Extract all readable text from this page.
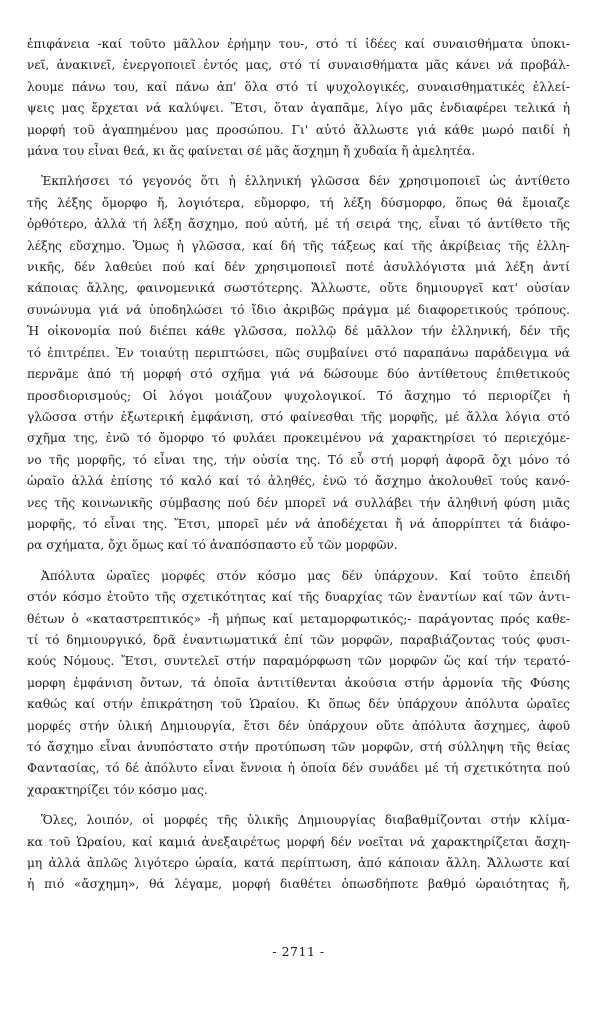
ἐπιφάνεια -καί τοῦτο μᾶλλον ἐρήμην του-, στό τί ἰδέες καί συναισθήματα ὑποκι-
νεῖ, ἀνακινεῖ, ἐνεργοποιεῖ ἐντός μας, στό τί συναισθήματα μᾶς κάνει νά προβάλ-
λουμε πάνω του, καί πάνω ἀπ' ὅλα στό τί ψυχολογικές, συναισθηματικές ἐλλεί-
ψεις μας ἔρχεται νά καλύψει. Ἔτσι, ὅταν ἀγαπᾶμε, λίγο μᾶς ἐνδιαφέρει τελικά ἡ
μορφή τοῦ ἀγαπημένου μας προσώπου. Γι' αὐτό ἄλλωστε γιά κάθε μωρό παιδί ἡ
μάνα του εἶναι θεά, κι ἄς φαίνεται σέ μᾶς ἄσχημη ἤ χυδαία ἤ ἀμελητέα.
Ἐκπλήσσει τό γεγονός ὅτι ἡ ἑλληνική γλῶσσα δέν χρησιμοποιεῖ ὡς ἀντίθετο
τῆς λέξης ὄμορφο ἤ, λογιότερα, εὔμορφο, τή λέξη δύσμορφο, ὅπως θά ἔμοιαζε
ὀρθότερο, ἀλλά τή λέξη ἄσχημο, πού αὐτή, μέ τή σειρά της, εἶναι τό ἀντίθετο τῆς
λέξης εὔσχημο. Ὅμως ἡ γλῶσσα, καί δή τῆς τάξεως καί τῆς ἀκρίβειας τῆς ἑλλη-
νικῆς, δέν λαθεύει πού καί δέν χρησιμοποιεῖ ποτέ ἀσυλλόγιστα μιά λέξη ἀντί
κάποιας ἄλλης, φαινομενικά σωστότερης. Ἄλλωστε, οὔτε δημιουργεῖ κατ' οὐσίαν
συνώνυμα γιά νά ὑποδηλώσει τό ἴδιο ἀκριβῶς πράγμα μέ διαφορετικούς τρόπους.
Ἡ οἰκονομία πού διέπει κάθε γλῶσσα, πολλῷ δέ μᾶλλον τήν ἑλληνική, δέν τῆς
τό ἐπιτρέπει. Ἐν τοιαύτῃ περιπτώσει, πῶς συμβαίνει στό παραπάνω παράδειγμα νά
περνᾶμε ἀπό τή μορφή στό σχῆμα γιά νά δώσουμε δύο ἀντίθετους ἐπιθετικούς
προσδιορισμούς; Οἱ λόγοι μοιάζουν ψυχολογικοί. Τό ἄσχημο τό περιορίζει ἡ
γλῶσσα στήν ἐξωτερική ἐμφάνιση, στό φαίνεσθαι τῆς μορφῆς, μέ ἄλλα λόγια στό
σχῆμα της, ἐνῶ τό ὄμορφο τό φυλάει προκειμένου νά χαρακτηρίσει τό περιεχόμε-
νο τῆς μορφῆς, τό εἶναι της, τήν οὐσία της. Τό εὖ στή μορφή ἀφορᾶ ὄχι μόνο τό
ὡραῖο ἀλλά ἐπίσης τό καλό καί τό ἀληθές, ἐνῶ τό ἄσχημο ἀκολουθεῖ τούς κανό-
νες τῆς κοινωνικῆς σύμβασης πού δέν μπορεῖ νά συλλάβει τήν ἀληθινή φύση μιᾶς
μορφῆς, τό εἶναι της. Ἔτσι, μπορεῖ μέν νά ἀποδέχεται ἤ νά ἀπορρίπτει τά διάφο-
ρα σχήματα, ὄχι ὅμως καί τό ἀναπόσπαστο εὖ τῶν μορφῶν.
Ἀπόλυτα ὡραῖες μορφές στόν κόσμο μας δέν ὑπάρχουν. Καί τοῦτο ἐπειδή
στόν κόσμο ἐτοῦτο τῆς σχετικότητας καί τῆς δυαρχίας τῶν ἐναντίων καί τῶν ἀντι-
θέτων ὁ «καταστρεπτικός» -ἤ μήπως καί μεταμορφωτικός;- παράγοντας πρός καθε-
τί τό δημιουργικό, δρᾶ ἐναντιωματικά ἐπί τῶν μορφῶν, παραβιάζοντας τούς φυσι-
κούς Νόμους. Ἔτσι, συντελεῖ στήν παραμόρφωση τῶν μορφῶν ὥς καί τήν τερατό-
μορφη ἐμφάνιση ὄντων, τά ὁποῖα ἀντιτίθενται ἀκούσια στήν ἁρμονία τῆς Φύσης
καθώς καί στήν ἐπικράτηση τοῦ Ὡραίου. Κι ὅπως δέν ὑπάρχουν ἀπόλυτα ὡραῖες
μορφές στήν ὑλική Δημιουργία, ἔτσι δέν ὑπάρχουν οὔτε ἀπόλυτα ἄσχημες, ἀφοῦ
τό ἄσχημο εἶναι ἀνυπόστατο στήν προτύπωση τῶν μορφῶν, στή σύλληψη τῆς θείας
Φαντασίας, τό δέ ἀπόλυτο εἶναι ἔννοια ἡ ὁποία δέν συνάδει μέ τή σχετικότητα πού
χαρακτηρίζει τόν κόσμο μας.
Ὅλες, λοιπόν, οἱ μορφές τῆς ὑλικῆς Δημιουργίας διαβαθμίζονται στήν κλίμα-
κα τοῦ Ὡραίου, καί καμιά ἀνεξαιρέτως μορφή δέν νοεῖται νά χαρακτηρίζεται ἄσχη-
μη ἀλλά ἁπλῶς λιγότερο ὡραία, κατά περίπτωση, ἀπό κάποιαν ἄλλη. Ἄλλωστε καί
ἡ πιό «ἄσχημη», θά λέγαμε, μορφή διαθέτει ὁπωσδήποτε βαθμό ὡραιότητας ἤ,
- 2711 -
